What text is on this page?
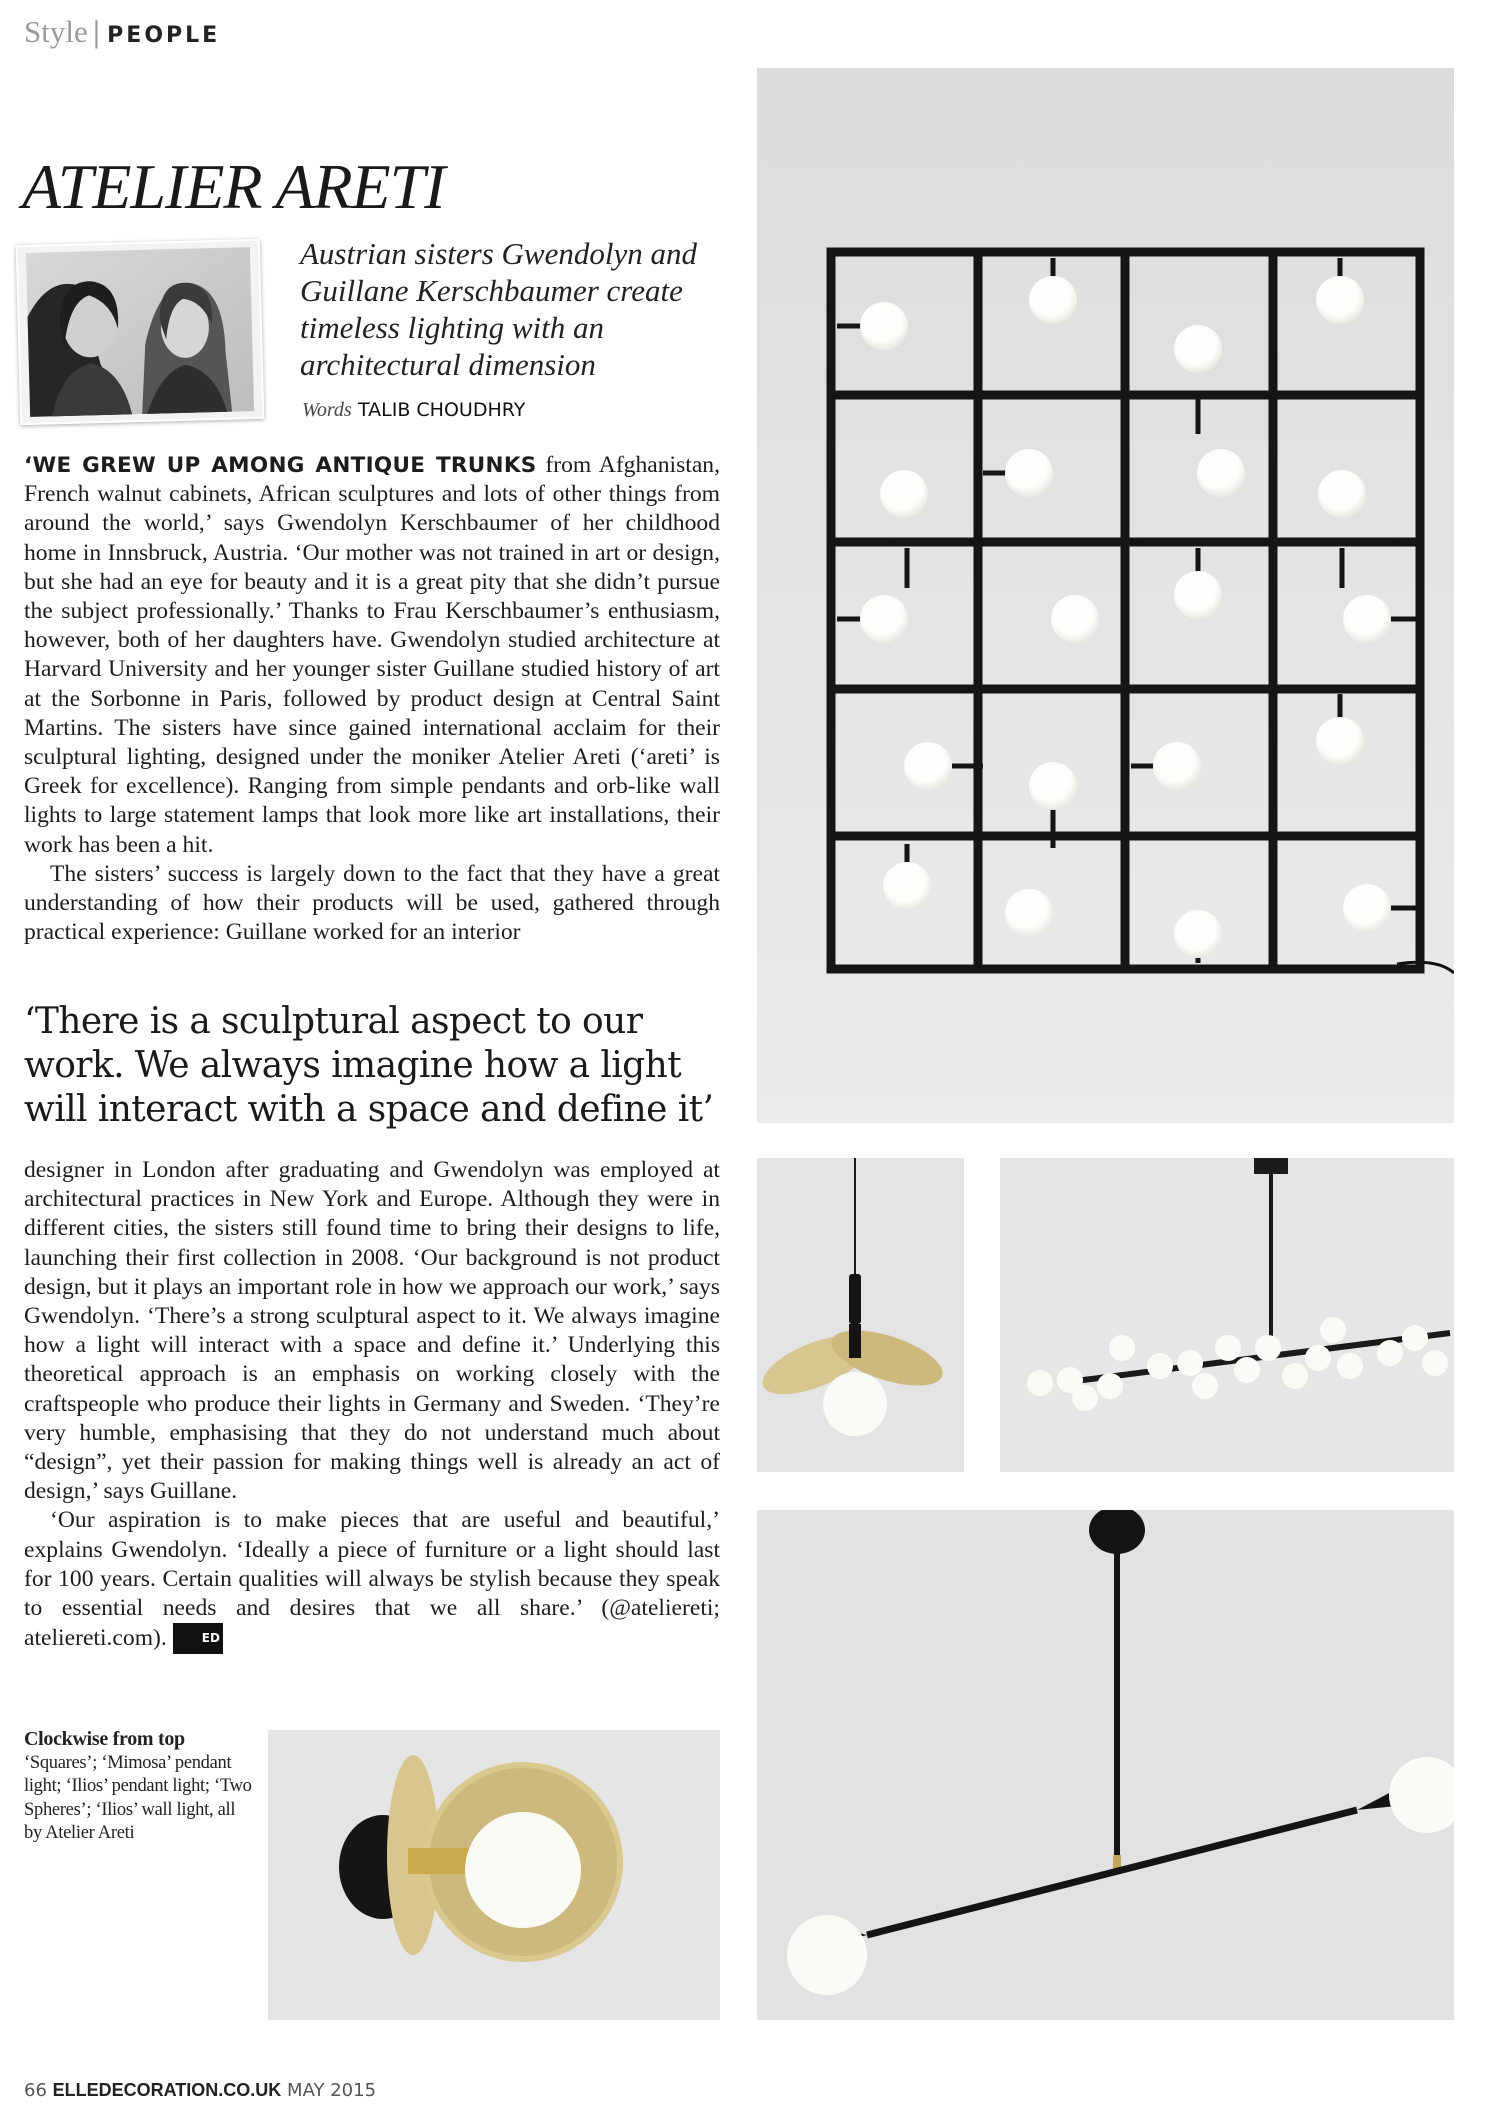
Style | PEOPLE
ATELIER ARETI
Austrian sisters Gwendolyn and Guillane Kerschbaumer create timeless lighting with an architectural dimension
Words TALIB CHOUDHRY

‘WE GREW UP AMONG ANTIQUE TRUNKS from Afghanistan, French walnut cabinets, African sculptures and lots of other things from around the world,’ says Gwendolyn Kerschbaumer of her childhood home in Innsbruck, Austria. ‘Our mother was not trained in art or design, but she had an eye for beauty and it is a great pity that she didn’t pursue the subject professionally.’ Thanks to Frau Kerschbaumer’s enthusiasm, however, both of her daughters have. Gwendolyn studied architecture at Harvard University and her younger sister Guillane studied history of art at the Sorbonne in Paris, followed by product design at Central Saint Martins. The sisters have since gained international acclaim for their sculptural lighting, designed under the moniker Atelier Areti (‘areti’ is Greek for excellence). Ranging from simple pendants and orb-like wall lights to large statement lamps that look more like art installations, their work has been a hit.

The sisters’ success is largely down to the fact that they have a great understanding of how their products will be used, gathered through practical experience: Guillane worked for an interior

‘There is a sculptural aspect to our work. We always imagine how a light will interact with a space and define it’

designer in London after graduating and Gwendolyn was employed at architectural practices in New York and Europe. Although they were in different cities, the sisters still found time to bring their designs to life, launching their first collection in 2008. ‘Our background is not product design, but it plays an important role in how we approach our work,’ says Gwendolyn. ‘There’s a strong sculptural aspect to it. We always imagine how a light will interact with a space and define it.’ Underlying this theoretical approach is an emphasis on working closely with the craftspeople who produce their lights in Germany and Sweden. ‘They’re very humble, emphasising that they do not understand much about “design”, yet their passion for making things well is already an act of design,’ says Guillane.

‘Our aspiration is to make pieces that are useful and beautiful,’ explains Gwendolyn. ‘Ideally a piece of furniture or a light should last for 100 years. Certain qualities will always be stylish because they speak to essential needs and desires that we all share.’ (@ateliereti; ateliereti.com).	ED

Clockwise from top
‘Squares’; ‘Mimosa’ pendant light; ‘Ilios’ pendant light; ‘Two Spheres’; ‘Ilios’ wall light, all by Atelier Areti
66 ELLEDECORATION.CO.UK MAY 2015
